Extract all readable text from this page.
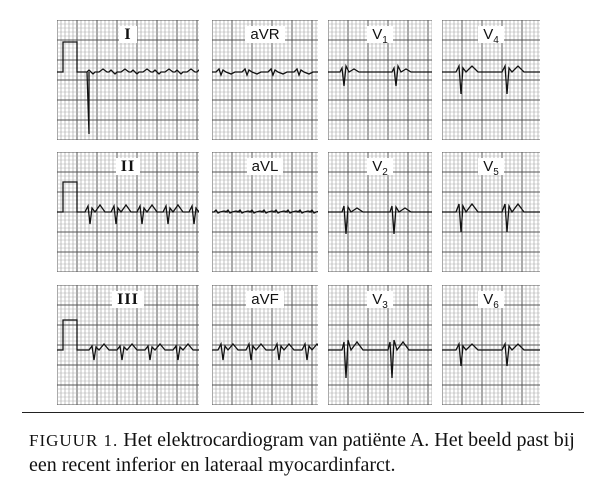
I	aVR	$V_1$	$V_4$
II	aVL	$V_2$	$V_5$
III	aVF	$V_3$	$V_6$
FIGUUR 1. Het elektrocardiogram van patiënte A. Het beeld past bij een recent inferior en lateraal myocardinfarct.
